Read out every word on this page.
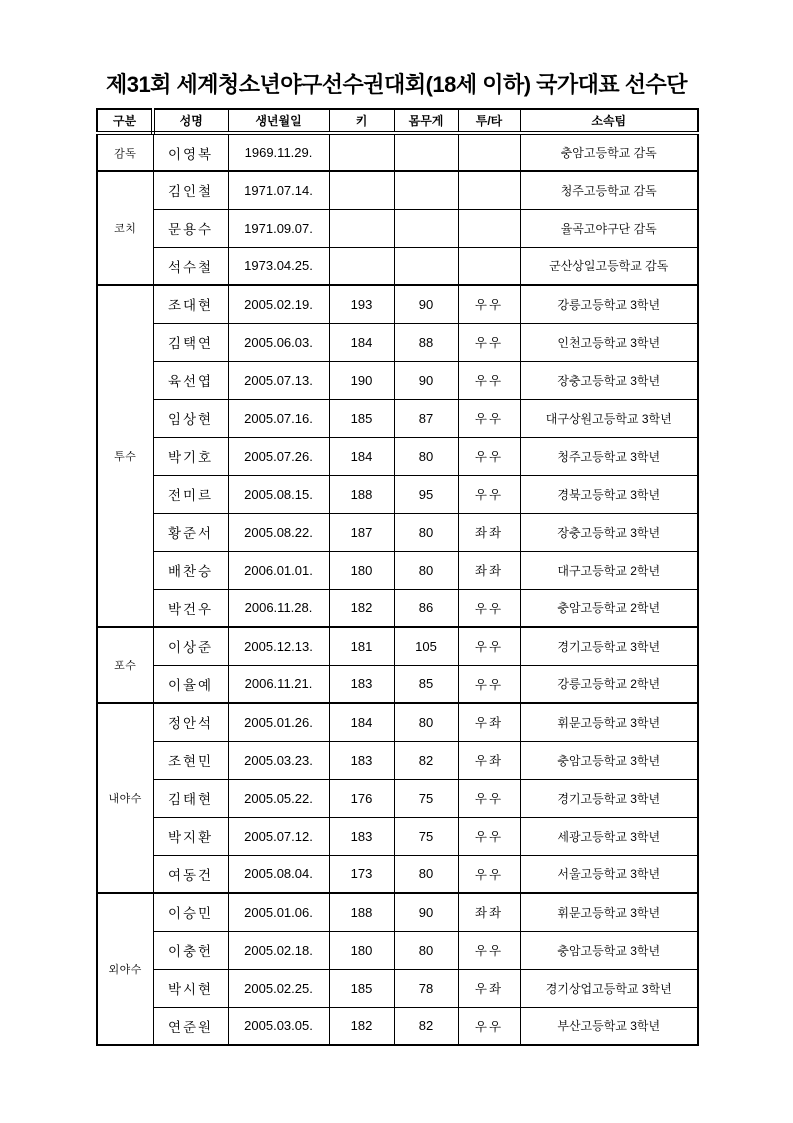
제31회 세계청소년야구선수권대회(18세 이하) 국가대표 선수단
구분	성명	생년월일	키	몸무게	투/타	소속팀
감독	이영복	1969.11.29.				충암고등학교 감독
코치	김인철	1971.07.14.				청주고등학교 감독
	문용수	1971.09.07.				율곡고야구단 감독
	석수철	1973.04.25.				군산상일고등학교 감독
투수	조대현	2005.02.19.	193	90	우우	강릉고등학교 3학년
	김택연	2005.06.03.	184	88	우우	인천고등학교 3학년
	육선엽	2005.07.13.	190	90	우우	장충고등학교 3학년
	임상현	2005.07.16.	185	87	우우	대구상원고등학교 3학년
	박기호	2005.07.26.	184	80	우우	청주고등학교 3학년
	전미르	2005.08.15.	188	95	우우	경북고등학교 3학년
	황준서	2005.08.22.	187	80	좌좌	장충고등학교 3학년
	배찬승	2006.01.01.	180	80	좌좌	대구고등학교 2학년
	박건우	2006.11.28.	182	86	우우	충암고등학교 2학년
포수	이상준	2005.12.13.	181	105	우우	경기고등학교 3학년
	이율예	2006.11.21.	183	85	우우	강릉고등학교 2학년
내야수	정안석	2005.01.26.	184	80	우좌	휘문고등학교 3학년
	조현민	2005.03.23.	183	82	우좌	충암고등학교 3학년
	김태현	2005.05.22.	176	75	우우	경기고등학교 3학년
	박지환	2005.07.12.	183	75	우우	세광고등학교 3학년
	여동건	2005.08.04.	173	80	우우	서울고등학교 3학년
외야수	이승민	2005.01.06.	188	90	좌좌	휘문고등학교 3학년
	이충헌	2005.02.18.	180	80	우우	충암고등학교 3학년
	박시현	2005.02.25.	185	78	우좌	경기상업고등학교 3학년
	연준원	2005.03.05.	182	82	우우	부산고등학교 3학년
